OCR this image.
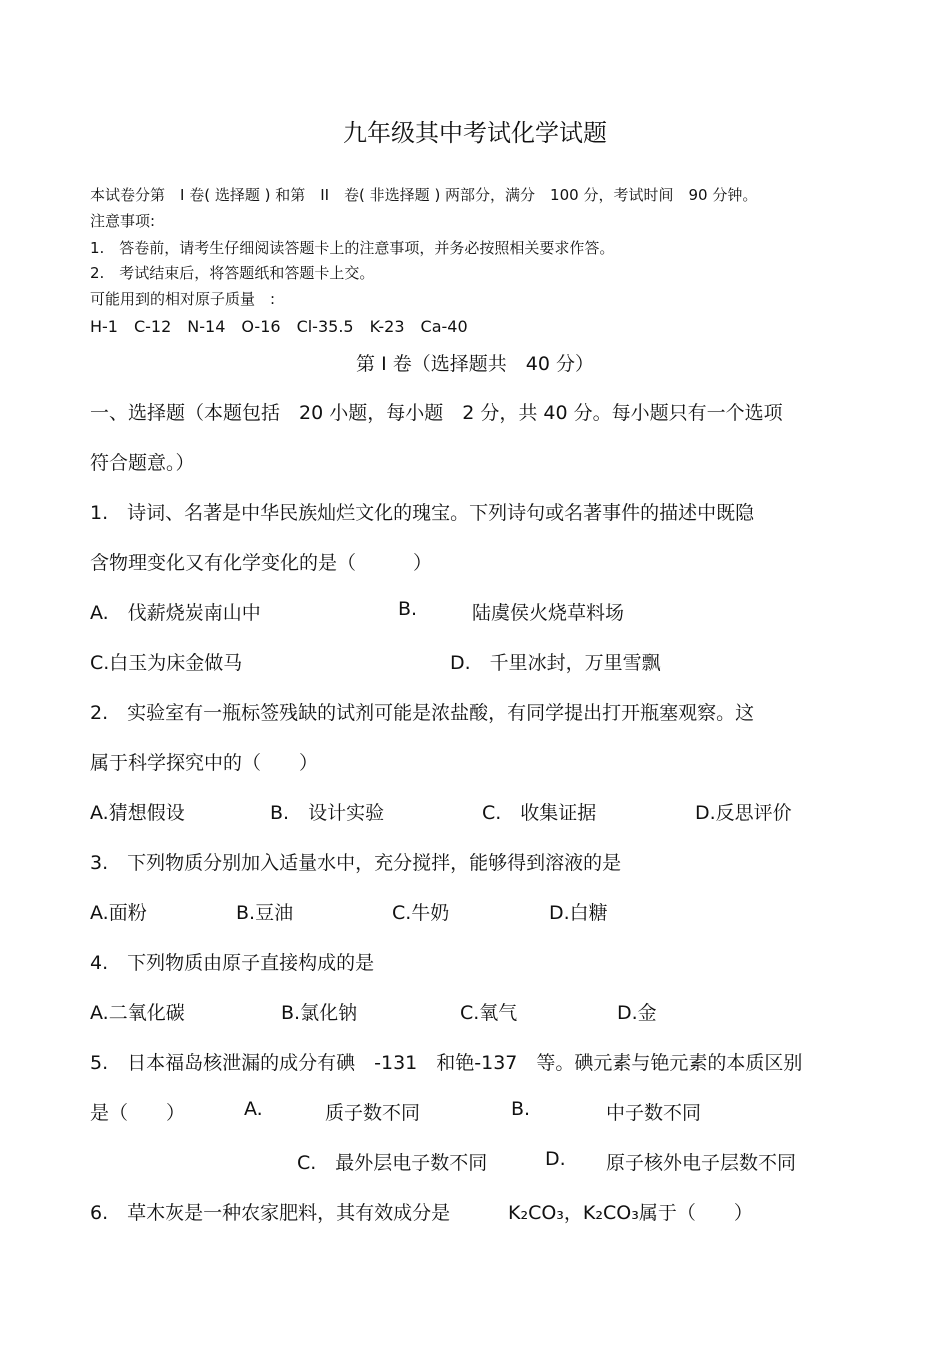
九年级其中考试化学试题
本试卷分第　I 卷( 选择题 ) 和第　II　卷( 非选择题 ) 两部分，满分　100 分，考试时间　90 分钟。
注意事项:
1.　答卷前，请考生仔细阅读答题卡上的注意事项，并务必按照相关要求作答。
2.　考试结束后，将答题纸和答题卡上交。
可能用到的相对原子质量　:
H-1　C-12　N-14　O-16　Cl-35.5　K-23　Ca-40
第 I 卷（选择题共　40 分）
一、选择题（本题包括　20 小题，每小题　2 分，共 40 分。每小题只有一个选项
符合题意。）
1.　诗词、名著是中华民族灿烂文化的瑰宝。下列诗句或名著事件的描述中既隐
含物理变化又有化学变化的是（　　　）
A.　伐薪烧炭南山中	B.	陆虞侯火烧草料场
C.白玉为床金做马	D.　千里冰封，万里雪飘
2.　实验室有一瓶标签残缺的试剂可能是浓盐酸，有同学提出打开瓶塞观察。这
属于科学探究中的（　　）
A.猜想假设	B.　设计实验	C.　收集证据	D.反思评价
3.　下列物质分别加入适量水中，充分搅拌，能够得到溶液的是
A.面粉	B.豆油	C.牛奶	D.白糖
4.　下列物质由原子直接构成的是
A.二氧化碳	B.氯化钠	C.氧气	D.金
5.　日本福岛核泄漏的成分有碘　-131　和铯-137　等。碘元素与铯元素的本质区别
是（　　）	A.	质子数不同	B.	中子数不同
C.　最外层电子数不同	D. 原子核外电子层数不同
6.　草木灰是一种农家肥料，其有效成分是	K₂CO₃，K₂CO₃属于（　　）
